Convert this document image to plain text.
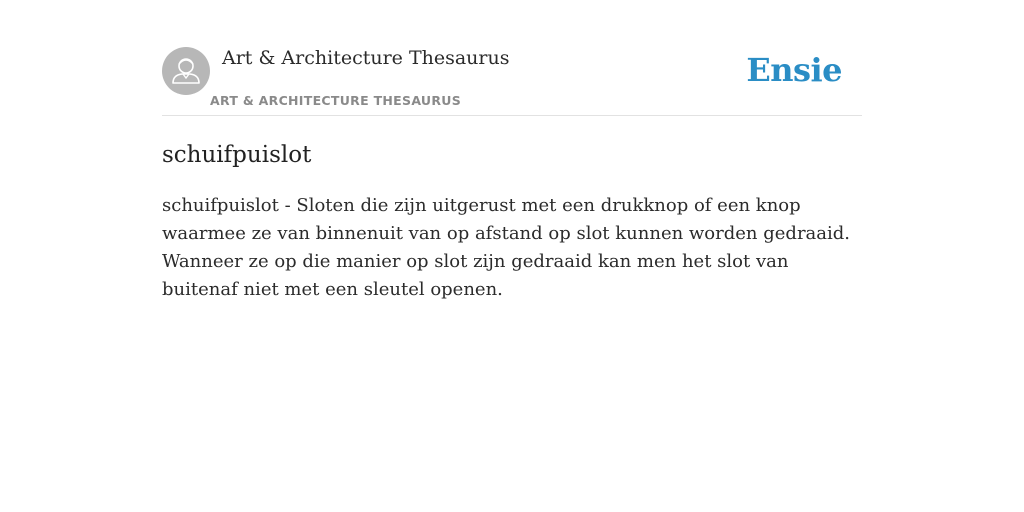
Art & Architecture Thesaurus
ART & ARCHITECTURE THESAURUS
Ensie
schuifpuislot

schuifpuislot - Sloten die zijn uitgerust met een drukknop of een knop waarmee ze van binnenuit van op afstand op slot kunnen worden gedraaid. Wanneer ze op die manier op slot zijn gedraaid kan men het slot van buitenaf niet met een sleutel openen.
